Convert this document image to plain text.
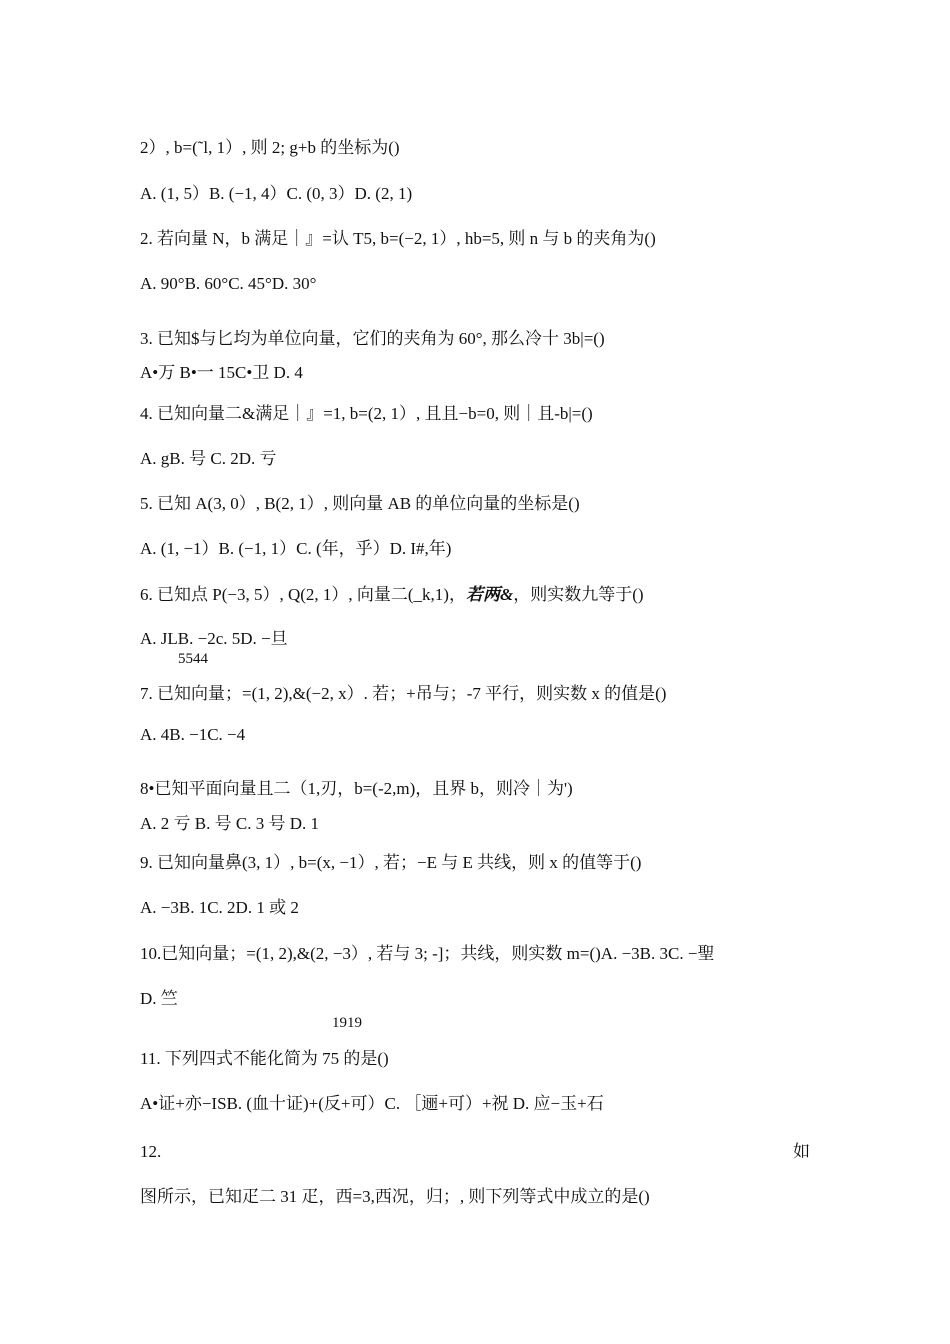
2）, b=(˜l, 1）, 则 2; g+b 的坐标为()
A. (1, 5）B. (−1, 4）C. (0, 3）D. (2, 1)
2. 若向量 N，b 满足｜』=认 T5, b=(−2, 1）, hb=5, 则 n 与 b 的夹角为()
A. 90°B. 60°C. 45°D. 30°
3. 已知$与匕均为单位向量，它们的夹角为 60°, 那么冷十 3b|=()
A•万 B•一 15C•卫 D. 4
4. 已知向量二&满足｜』=1, b=(2, 1）, 且且−b=0, 则｜且-b|=()
A. gB. 号 C. 2D. 亏
5. 已知 A(3, 0）, B(2, 1）, 则向量 AB 的单位向量的坐标是()
A. (1, −1）B. (−1, 1）C. (年，乎）D. I#,年)
6. 已知点 P(−3, 5）, Q(2, 1）, 向量二(_k,1)，若两&，则实数九等于()
A. JLB. −2c. 5D. −旦
5544
7. 已知向量；=(1, 2),&(−2, x）. 若；+吊与；-7 平行，则实数 x 的值是()
A. 4B. −1C. −4
8•已知平面向量且二（1,刃，b=(-2,m)，且界 b，则冷｜为')
A. 2 亏 B. 号 C. 3 号 D. 1
9. 已知向量鼻(3, 1）, b=(x, −1）, 若；−E 与 E 共线，则 x 的值等于()
A. −3B. 1C. 2D. 1 或 2
10.已知向量；=(1, 2),&(2, −3）, 若与 3; -]；共线，则实数 m=()A. −3B. 3C. −聖
D. 竺
1919
11. 下列四式不能化简为 75 的是()
A•证+亦−ISB. (血十证)+(反+可）C. ［逦+可）+祝 D. 应−玉+石
12.	如
图所示，已知疋二 31 疋，西=3,西况，归；, 则下列等式中成立的是()
